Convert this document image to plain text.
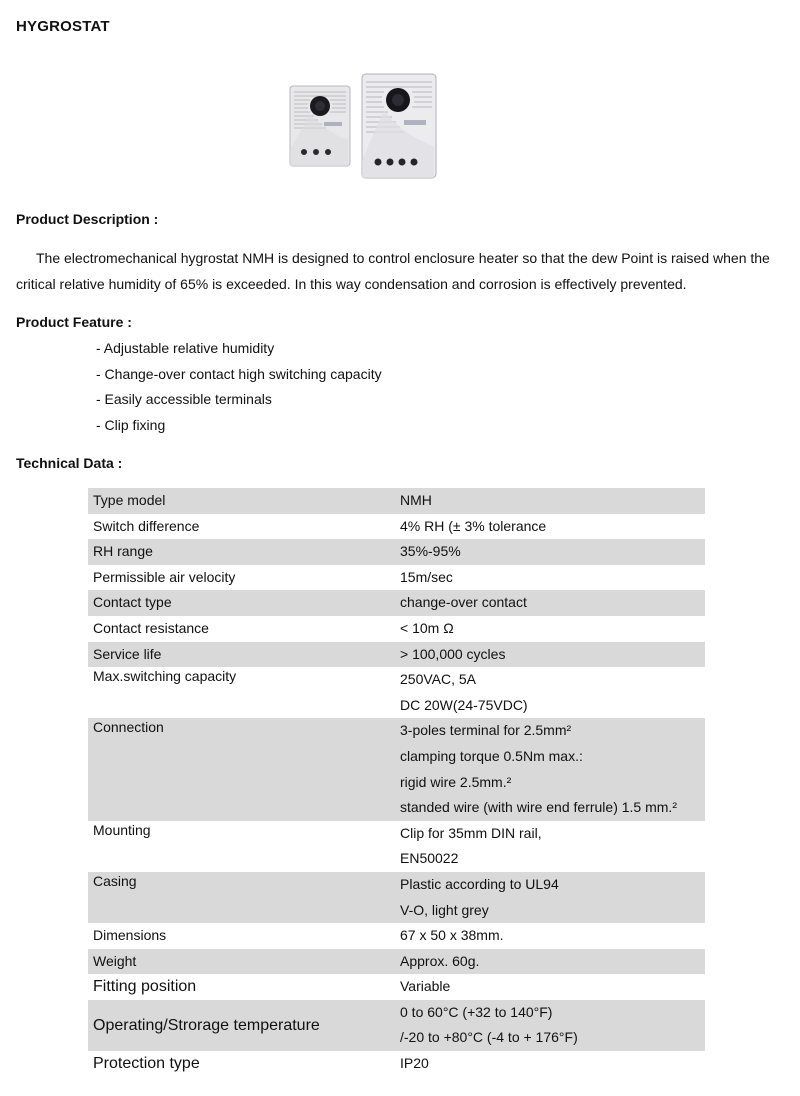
HYGROSTAT
Product Description :

The electromechanical hygrostat NMH is designed to control enclosure heater so that the dew Point is raised when the
critical relative humidity of 65% is exceeded. In this way condensation and corrosion is effectively prevented.

Product Feature :
- Adjustable relative humidity
- Change-over contact high switching capacity
- Easily accessible terminals
- Clip fixing
Technical Data :
Type model	NMH

Switch difference	4% RH (± 3% tolerance

RH range	35%-95%

Permissible air velocity	15m/sec

Contact type	change-over contact

Contact resistance	< 10m Ω

Service life	> 100,000 cycles

Max.switching capacity	250VAC, 5A
DC 20W(24-75VDC)

Connection	3-poles terminal for 2.5mm²
clamping torque 0.5Nm max.:
rigid wire 2.5mm.²
standed wire (with wire end ferrule) 1.5 mm.²

Mounting	Clip for 35mm DIN rail,
EN50022

Casing	Plastic according to UL94
V-O, light grey

Dimensions	67 x 50 x 38mm.

Weight	Approx. 60g.

Fitting position	Variable

Operating/Strorage temperature	0 to 60°C (+32 to 140°F)
/-20 to +80°C (-4 to + 176°F)

Protection type	IP20
